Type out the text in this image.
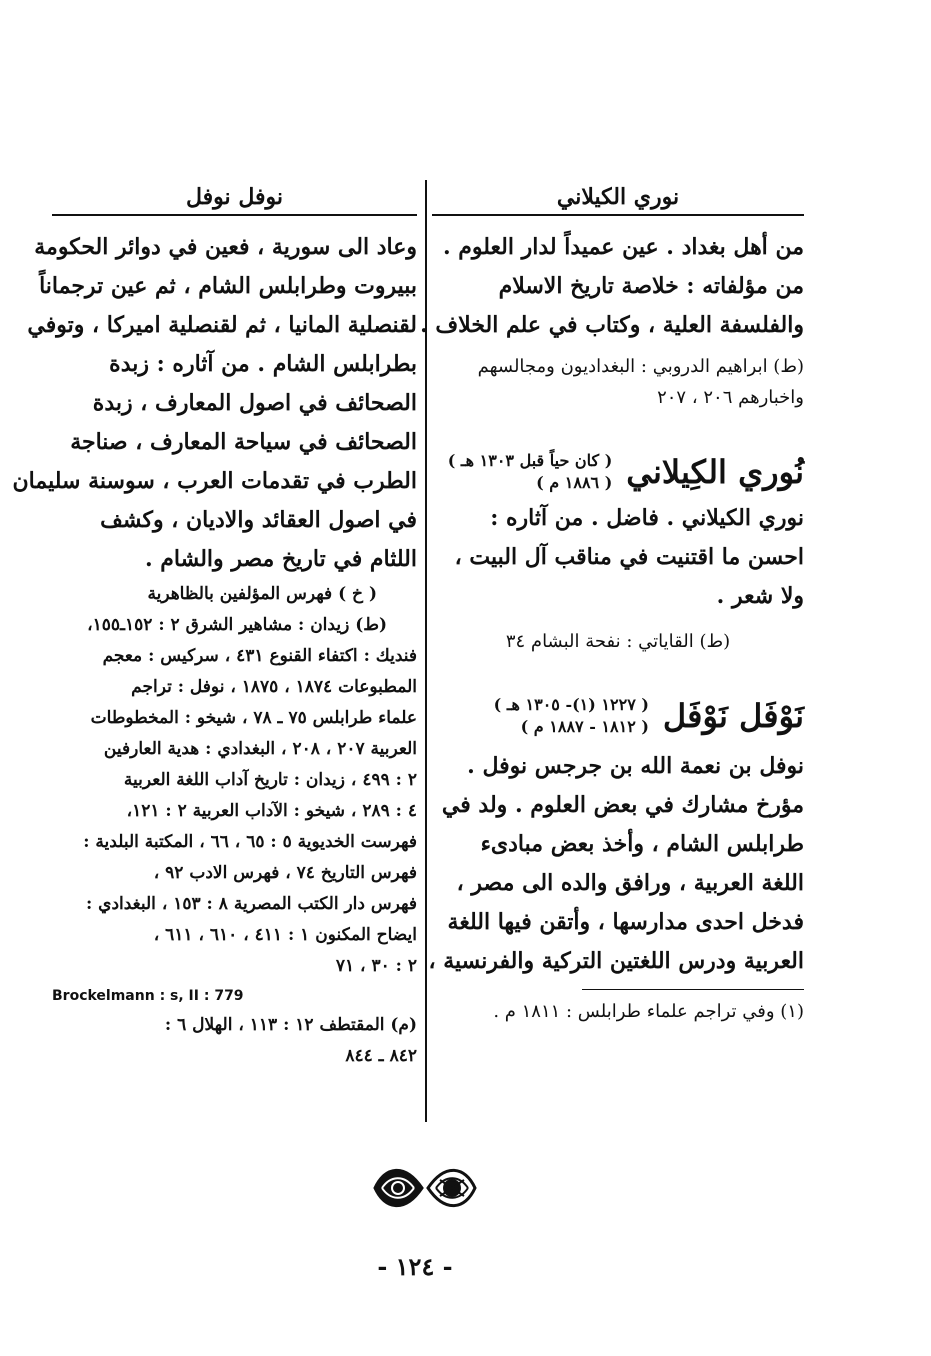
نوري الكيلاني
من أهل بغداد . عين عميداً لدار العلوم .
من مؤلفاته : خلاصة تاريخ الاسلام
والفلسفة العلية ، وكتاب في علم الخلاف .
(ط) ابراهيم الدروبي : البغداديون ومجالسهم
واخبارهم ٢٠٦ ، ٢٠٧
نُوري الكِيلاني
( كان حياً قبل ١٣٠٣ هـ )
( ١٨٨٦ م )
نوري الكيلاني . فاضل . من آثاره :
احسن ما اقتنيت في مناقب آل البيت ،
ولا شعر .
(ط) القاياتي : نفحة البشام ٣٤
نَوْفَل نَوْفَل
( ١٢٢٧ (١)- ١٣٠٥ هـ )
( ١٨١٢ - ١٨٨٧ م )
نوفل بن نعمة الله بن جرجس نوفل .
مؤرخ مشارك في بعض العلوم . ولد في
طرابلس الشام ، وأخذ بعض مبادىء
اللغة العربية ، ورافق والده الى مصر ،
فدخل احدى مدارسها ، وأتقن فيها اللغة
العربية ودرس اللغتين التركية والفرنسية ،
(١) وفي تراجم علماء طرابلس : ١٨١١ م .
نوفل نوفل
وعاد الى سورية ، فعين في دوائر الحكومة
ببيروت وطرابلس الشام ، ثم عين ترجماناً
لقنصلية المانيا ، ثم لقنصلية اميركا ، وتوفي
بطرابلس الشام . من آثاره : زبدة
الصحائف في اصول المعارف ، زبدة
الصحائف في سياحة المعارف ، صناجة
الطرب في تقدمات العرب ، سوسنة سليمان
في اصول العقائد والاديان ، وكشف
اللثام في تاريخ مصر والشام .
( خ ) فهرس المؤلفين بالظاهرية
(ط) زيدان : مشاهير الشرق ٢ : ١٥٢ـ١٥٥،
فنديك : اكتفاء القنوع ٤٣١ ، سركيس : معجم
المطبوعات ١٨٧٤ ، ١٨٧٥ ، نوفل : تراجم
علماء طرابلس ٧٥ ـ ٧٨ ، شيخو : المخطوطات
العربية ٢٠٧ ، ٢٠٨ ، البغدادي : هدية العارفين
٢ : ٤٩٩ ، زيدان : تاريخ آداب اللغة العربية
٤ : ٢٨٩ ، شيخو : الآداب العربية ٢ : ١٢١،
فهرست الخديوية ٥ : ٦٥ ، ٦٦ ، المكتبة البلدية :
فهرس التاريخ ٧٤ ، فهرس الادب ٩٢ ،
فهرس دار الكتب المصرية ٨ : ١٥٣ ، البغدادي :
ايضاح المكنون ١ : ٤١١ ، ٦١٠ ، ٦١١ ،
٢ : ٣٠ ، ٧١
Brockelmann : s, II : 779
(م) المقتطف ١٢ : ١١٣ ، الهلال ٦ :
٨٤٢ ـ ٨٤٤
- ١٢٤ -
